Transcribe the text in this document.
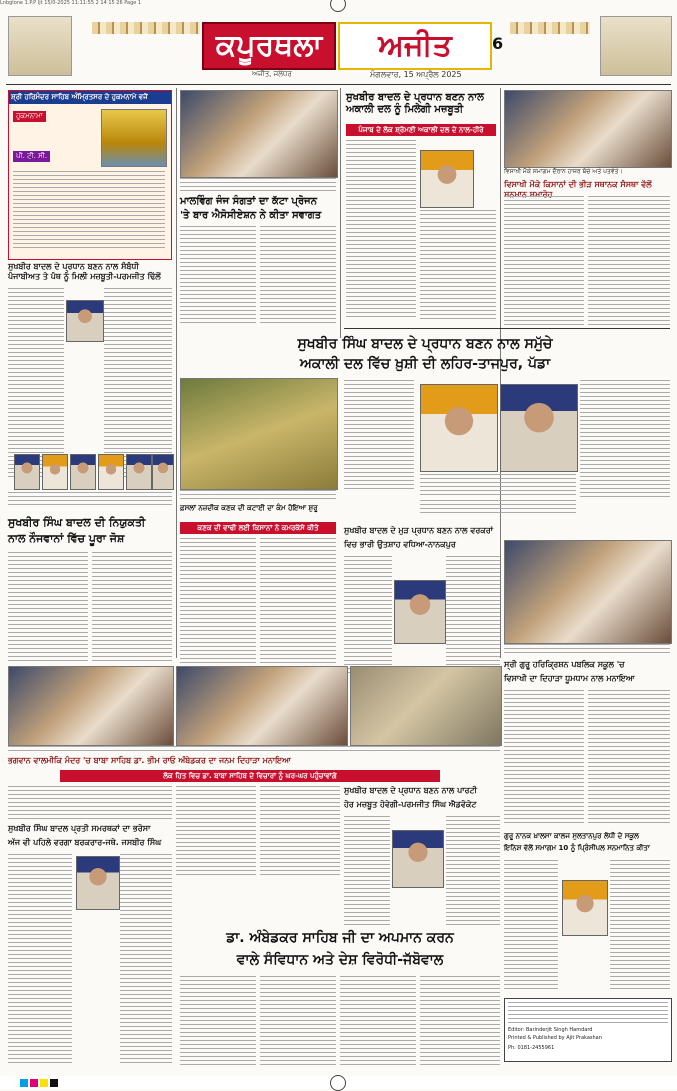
Lnbglone 1.P.P Ijt 15/0-2025 11:11:55 2 14 15 26 Page 1
ਕਪੂਰਥਲਾ	ਅਜੀਤ	6
ਅਜੀਤ, ਜਲੰਧਰ	ਮੰਗਲਵਾਰ, 15 ਅਪ੍ਰੈਲ 2025
ਸ਼੍ਰੀ ਹਰਿਮੰਦਰ ਸਾਹਿਬ ਅੰਮ੍ਰਿਤਸਰ ਦੇ ਹੁਕਮਨਾਮੇ ਵਜੋਂ
ਹੁਕਮਨਾਮਾ
ਪੀ. ਟੀ. ਸੀ.
ਮਾਲਵਿੰਗ ਜੰਜ ਸੰਗਤਾਂ ਦਾ ਕੱਟਾ ਪ੍ਰੋਜਨ
'ਤੇ ਬਾਰ ਐਸੋਸੀਏਸ਼ਨ ਨੇ ਕੀਤਾ ਸਵਾਗਤ
ਸੁਖਬੀਰ ਬਾਦਲ ਦੇ ਪ੍ਰਧਾਨ ਬਣਨ ਨਾਲ ਅਕਾਲੀ ਦਲ ਨੂੰ ਮਿਲੇਗੀ ਮਜ਼ਬੂਤੀ
ਪੰਜਾਬ ਦੇ ਲੋਕ ਸ਼੍ਰੋਮਣੀ ਅਕਾਲੀ ਦਲ ਦੇ ਨਾਲ-ਹੀਰੇ
ਵਿਸਾਖੀ ਮੌਕੇ ਸਮਾਗਮ ਦੌਰਾਨ ਹਾਜ਼ਰ ਬੱਚੇ ਅਤੇ ਪਤਵੰਤੇ।
ਵਿਸਾਖੀ ਮੌਕੇ ਕਿਸਾਨਾਂ ਦੀ ਭੀੜ ਸਥਾਨਕ ਸੰਸਥਾ ਵੱਲੋਂ ਸਨਮਾਨ ਸਮਾਰੋਹ
ਸੁਖਬੀਰ ਬਾਦਲ ਦੇ ਪ੍ਰਧਾਨ ਬਣਨ ਨਾਲ ਸੰਬੰਧੀ ਪੰਜਾਬੀਅਤ ਤੇ ਪੰਥ ਨੂੰ ਮਿਲੀ ਮਜ਼ਬੂਤੀ-ਪਰਮਜੀਤ ਢਿੱਲੋਂ
ਸੁਖਬੀਰ ਸਿੰਘ ਬਾਦਲ ਦੇ ਪ੍ਰਧਾਨ ਬਣਨ ਨਾਲ ਸਮੁੱਚੇ
ਅਕਾਲੀ ਦਲ ਵਿੱਚ ਖ਼ੁਸ਼ੀ ਦੀ ਲਹਿਰ-ਤਾਜਪੁਰ, ਪੱਡਾ
ਫ਼ਸਲਾਂ ਨਜ਼ਦੀਕ ਕਣਕ ਦੀ ਕਟਾਈ ਦਾ ਕੰਮ ਹੋਇਆ ਸ਼ੁਰੂ
ਕਣਕ ਦੀ ਵਾਢੀ ਲਈ ਕਿਸਾਨਾਂ ਨੇ ਕਮਰਕੱਸੇ ਕੀਤੇ
ਸੁਖਬੀਰ ਸਿੰਘ ਬਾਦਲ ਦੀ ਨਿਯੁਕਤੀ
ਨਾਲ ਨੌਜਵਾਨਾਂ ਵਿੱਚ ਪੂਰਾ ਜੋਸ਼
ਸੁਖਬੀਰ ਬਾਦਲ ਦੇ ਮੁੜ ਪ੍ਰਧਾਨ ਬਣਨ ਨਾਲ ਵਰਕਰਾਂ
ਵਿਚ ਭਾਰੀ ਉਤਸ਼ਾਹ ਵਧਿਆ-ਨਾਨਕਪੁਰ
ਸ੍ਰੀ ਗੁਰੂ ਹਰਿਕ੍ਰਿਸ਼ਨ ਪਬਲਿਕ ਸਕੂਲ 'ਚ
ਵਿਸਾਖੀ ਦਾ ਦਿਹਾੜਾ ਧੂਮਧਾਮ ਨਾਲ ਮਨਾਇਆ
ਭਗਵਾਨ ਵਾਲਮੀਕਿ ਮੰਦਰ 'ਚ ਬਾਬਾ ਸਾਹਿਬ ਡਾ. ਭੀਮ ਰਾਓ ਅੰਬੇਡਕਰ ਦਾ ਜਨਮ ਦਿਹਾੜਾ ਮਨਾਇਆ
ਲੋਕ ਹਿਤ ਵਿਚ ਡਾ. ਬਾਬਾ ਸਾਹਿਬ ਦੇ ਵਿਚਾਰਾਂ ਨੂੰ ਘਰ-ਘਰ ਪਹੁੰਚਾਵਾਂਗੇ
ਸੁਖਬੀਰ ਬਾਦਲ ਦੇ ਪ੍ਰਧਾਨ ਬਣਨ ਨਾਲ ਪਾਰਟੀ
ਹੋਰ ਮਜ਼ਬੂਤ ਹੋਵੇਗੀ-ਪਰਮਜੀਤ ਸਿੰਘ ਐਡਵੋਕੇਟ
ਸੁਖਬੀਰ ਸਿੰਘ ਬਾਦਲ ਪ੍ਰਤੀ ਸਮਰਥਕਾਂ ਦਾ ਭਰੋਸਾ
ਅੱਜ ਵੀ ਪਹਿਲੇ ਵਰਗਾ ਬਰਕਰਾਰ-ਜਥੇ. ਜਸਬੀਰ ਸਿੰਘ
ਡਾ. ਅੰਬੇਡਕਰ ਸਾਹਿਬ ਜੀ ਦਾ ਅਪਮਾਨ ਕਰਨ
ਵਾਲੇ ਸੰਵਿਧਾਨ ਅਤੇ ਦੇਸ਼ ਵਿਰੋਧੀ-ਜੱਬੋਵਾਲ
ਗੁਰੂ ਨਾਨਕ ਖ਼ਾਲਸਾ ਕਾਲਜ ਸੁਲਤਾਨਪੁਰ ਲੋਧੀ ਦੇ ਸਕੂਲ
ਇਨਿਸ਼ ਵੱਲੋਂ ਸਮਾਗਮ 10 ਨੂੰ ਪ੍ਰਿੰਸੀਪਲ ਸਨਮਾਨਿਤ ਕੀਤਾ
Editor: Barinderjit Singh Hamdard
Printed & Published by Ajit Prakashan
Ph: 0181-2455961
